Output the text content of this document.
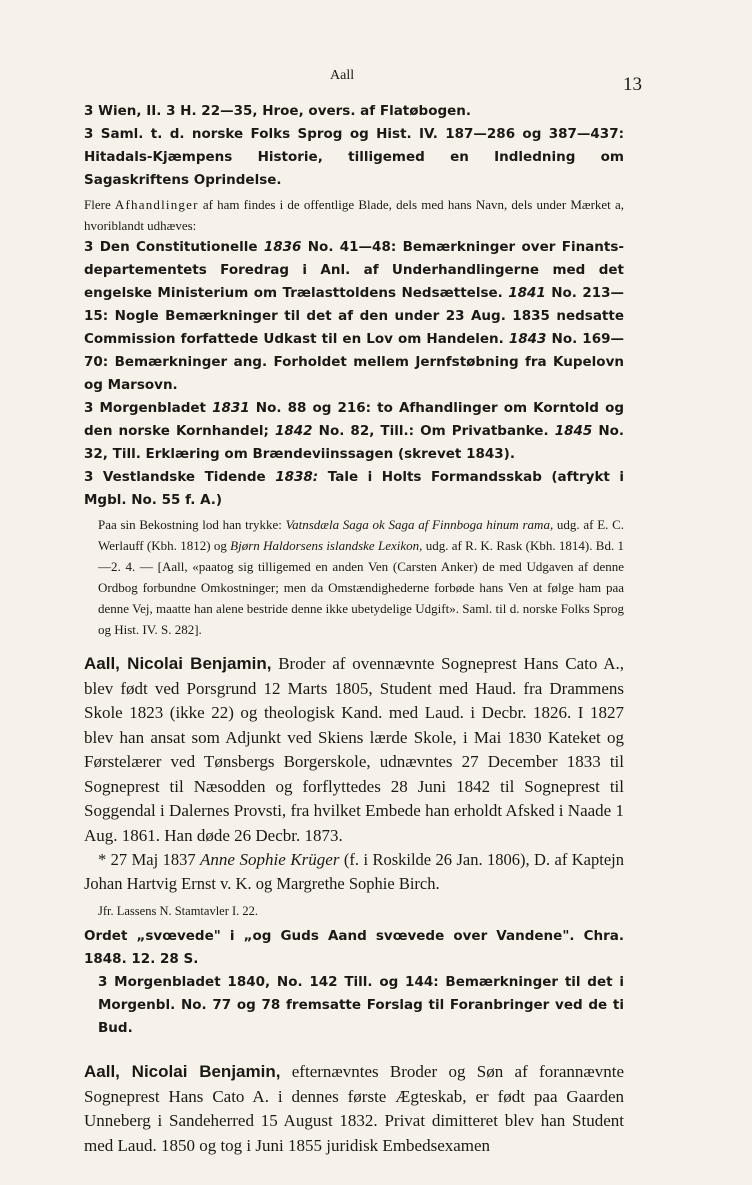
Aall	13
3 Wien, II. 3 H. 22—35, Hroe, overs. af Flatøbogen.
3 Saml. t. d. norske Folks Sprog og Hist. IV. 187—286 og 387—437: Hitadals-Kjæmpens Historie, tilligemed en Indledning om Sagaskriftens Oprindelse.
Flere Afhandlinger af ham findes i de offentlige Blade, dels med hans Navn, dels under Mærket a, hvoriblandt udhæves:
3 Den Constitutionelle 1836 No. 41—48: Bemærkninger over Finants-departementets Foredrag i Anl. af Underhandlingerne med det engelske Ministerium om Trælasttoldens Nedsættelse. 1841 No. 213—15: Nogle Bemærkninger til det af den under 23 Aug. 1835 nedsatte Commission forfattede Udkast til en Lov om Handelen. 1843 No. 169—70: Bemærkninger ang. Forholdet mellem Jernfstøbning fra Kupelovn og Marsovn.
3 Morgenbladet 1831 No. 88 og 216: to Afhandlinger om Korntold og den norske Kornhandel; 1842 No. 82, Till.: Om Privatbanke. 1845 No. 32, Till. Erklæring om Brændeviinssagen (skrevet 1843).
3 Vestlandske Tidende 1838: Tale i Holts Formandsskab (aftrykt i Mgbl. No. 55 f. A.)
Paa sin Bekostning lod han trykke: Vatnsdæla Saga ok Saga af Finnboga hinum rama, udg. af E. C. Werlauff (Kbh. 1812) og Bjørn Haldorsens islandske Lexikon, udg. af R. K. Rask (Kbh. 1814). Bd. 1—2. 4. — [Aall, «paatog sig tilligemed en anden Ven (Carsten Anker) de med Udgaven af denne Ordbog forbundne Omkostninger; men da Omstændighederne forbøde hans Ven at følge ham paa denne Vej, maatte han alene bestride denne ikke ubetydelige Udgift». Saml. til d. norske Folks Sprog og Hist. IV. S. 282].
Aall, Nicolai Benjamin, Broder af ovennævnte Sogneprest Hans Cato A., blev født ved Porsgrund 12 Marts 1805, Student med Haud. fra Drammens Skole 1823 (ikke 22) og theologisk Kand. med Laud. i Decbr. 1826. I 1827 blev han ansat som Adjunkt ved Skiens lærde Skole, i Mai 1830 Kateket og Førstelærer ved Tønsbergs Borgerskole, udnævntes 27 December 1833 til Sogneprest til Næsodden og forflyttedes 28 Juni 1842 til Sogneprest til Soggendal i Dalernes Provsti, fra hvilket Embede han erholdt Afsked i Naade 1 Aug. 1861. Han døde 26 Decbr. 1873.
* 27 Maj 1837 Anne Sophie Krüger (f. i Roskilde 26 Jan. 1806), D. af Kaptejn Johan Hartvig Ernst v. K. og Margrethe Sophie Birch.
Jfr. Lassens N. Stamtavler I. 22.
Ordet „svœvede" i „og Guds Aand svœvede over Vandene". Chra. 1848. 12. 28 S.
3 Morgenbladet 1840, No. 142 Till. og 144: Bemærkninger til det i Morgenbl. No. 77 og 78 fremsatte Forslag til Foranbringer ved de ti Bud.
Aall, Nicolai Benjamin, efternævntes Broder og Søn af forannævnte Sogneprest Hans Cato A. i dennes første Ægteskab, er født paa Gaarden Unneberg i Sandeherred 15 August 1832. Privat dimitteret blev han Student med Laud. 1850 og tog i Juni 1855 juridisk Embedsexamen
